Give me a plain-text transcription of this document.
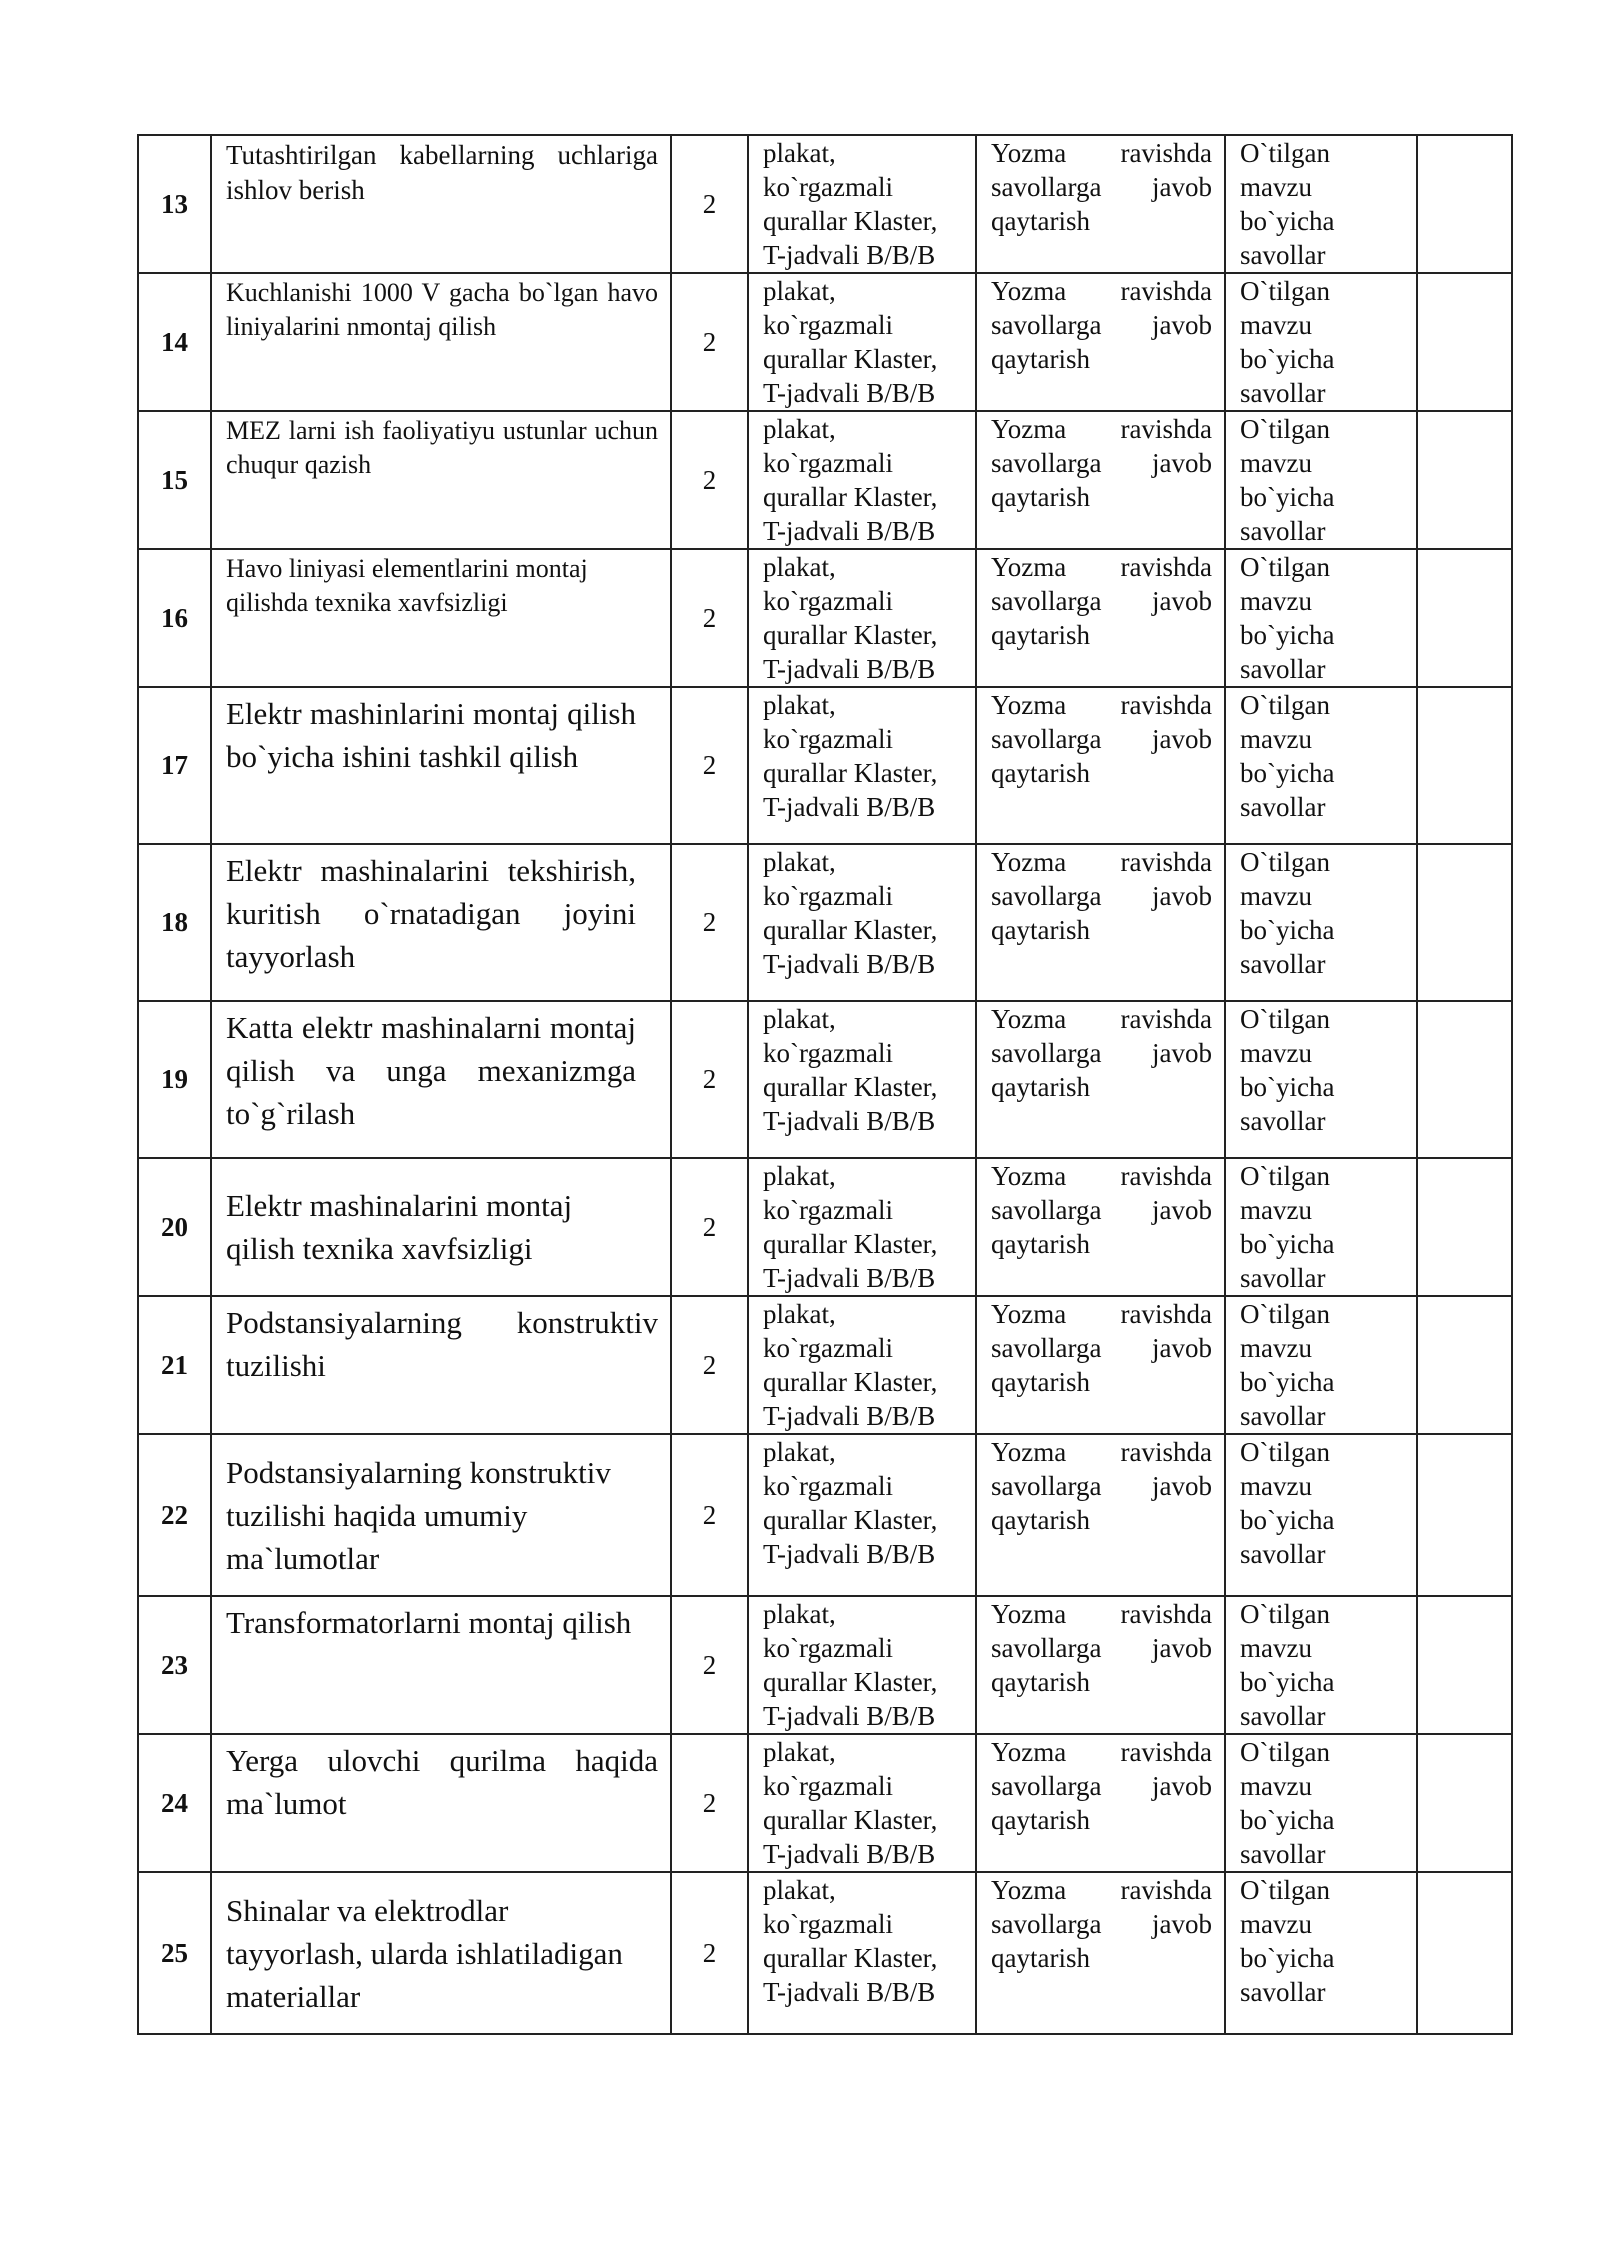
13	Tutashtirilgan kabellarning uchlariga ishlov berish	2	plakat,
ko`rgazmali
qurallar Klaster,
T-jadvali B/B/B	Yozma ravishda
savollarga javob
qaytarish	O`tilgan
mavzu
bo`yicha
savollar	

14	Kuchlanishi 1000 V gacha bo`lgan havo liniyalarini nmontaj qilish	2	plakat,
ko`rgazmali
qurallar Klaster,
T-jadvali B/B/B	Yozma ravishda
savollarga javob
qaytarish	O`tilgan
mavzu
bo`yicha
savollar	

15	MEZ larni ish faoliyatiyu ustunlar uchun chuqur qazish	2	plakat,
ko`rgazmali
qurallar Klaster,
T-jadvali B/B/B	Yozma ravishda
savollarga javob
qaytarish	O`tilgan
mavzu
bo`yicha
savollar	

16	Havo liniyasi elementlarini montaj qilishda texnika xavfsizligi	2	plakat,
ko`rgazmali
qurallar Klaster,
T-jadvali B/B/B	Yozma ravishda
savollarga javob
qaytarish	O`tilgan
mavzu
bo`yicha
savollar	

17	Elektr mashinlarini montaj qilish bo`yicha ishini tashkil qilish	2	plakat,
ko`rgazmali
qurallar Klaster,
T-jadvali B/B/B	Yozma ravishda
savollarga javob
qaytarish	O`tilgan
mavzu
bo`yicha
savollar	

18	Elektr mashinalarini tekshirish, kuritish o`rnatadigan joyini tayyorlash	2	plakat,
ko`rgazmali
qurallar Klaster,
T-jadvali B/B/B	Yozma ravishda
savollarga javob
qaytarish	O`tilgan
mavzu
bo`yicha
savollar	

19	Katta elektr mashinalarni montaj qilish va unga mexanizmga to`g`rilash	2	plakat,
ko`rgazmali
qurallar Klaster,
T-jadvali B/B/B	Yozma ravishda
savollarga javob
qaytarish	O`tilgan
mavzu
bo`yicha
savollar	

20	Elektr mashinalarini montaj qilish texnika xavfsizligi	2	plakat,
ko`rgazmali
qurallar Klaster,
T-jadvali B/B/B	Yozma ravishda
savollarga javob
qaytarish	O`tilgan
mavzu
bo`yicha
savollar	

21	Podstansiyalarning konstruktiv tuzilishi	2	plakat,
ko`rgazmali
qurallar Klaster,
T-jadvali B/B/B	Yozma ravishda
savollarga javob
qaytarish	O`tilgan
mavzu
bo`yicha
savollar	

22	Podstansiyalarning konstruktiv tuzilishi haqida umumiy ma`lumotlar	2	plakat,
ko`rgazmali
qurallar Klaster,
T-jadvali B/B/B	Yozma ravishda
savollarga javob
qaytarish	O`tilgan
mavzu
bo`yicha
savollar	

23	Transformatorlarni montaj qilish	2	plakat,
ko`rgazmali
qurallar Klaster,
T-jadvali B/B/B	Yozma ravishda
savollarga javob
qaytarish	O`tilgan
mavzu
bo`yicha
savollar	

24	Yerga ulovchi qurilma haqida ma`lumot	2	plakat,
ko`rgazmali
qurallar Klaster,
T-jadvali B/B/B	Yozma ravishda
savollarga javob
qaytarish	O`tilgan
mavzu
bo`yicha
savollar	

25	Shinalar va elektrodlar tayyorlash, ularda ishlatiladigan materiallar	2	plakat,
ko`rgazmali
qurallar Klaster,
T-jadvali B/B/B	Yozma ravishda
savollarga javob
qaytarish	O`tilgan
mavzu
bo`yicha
savollar	
